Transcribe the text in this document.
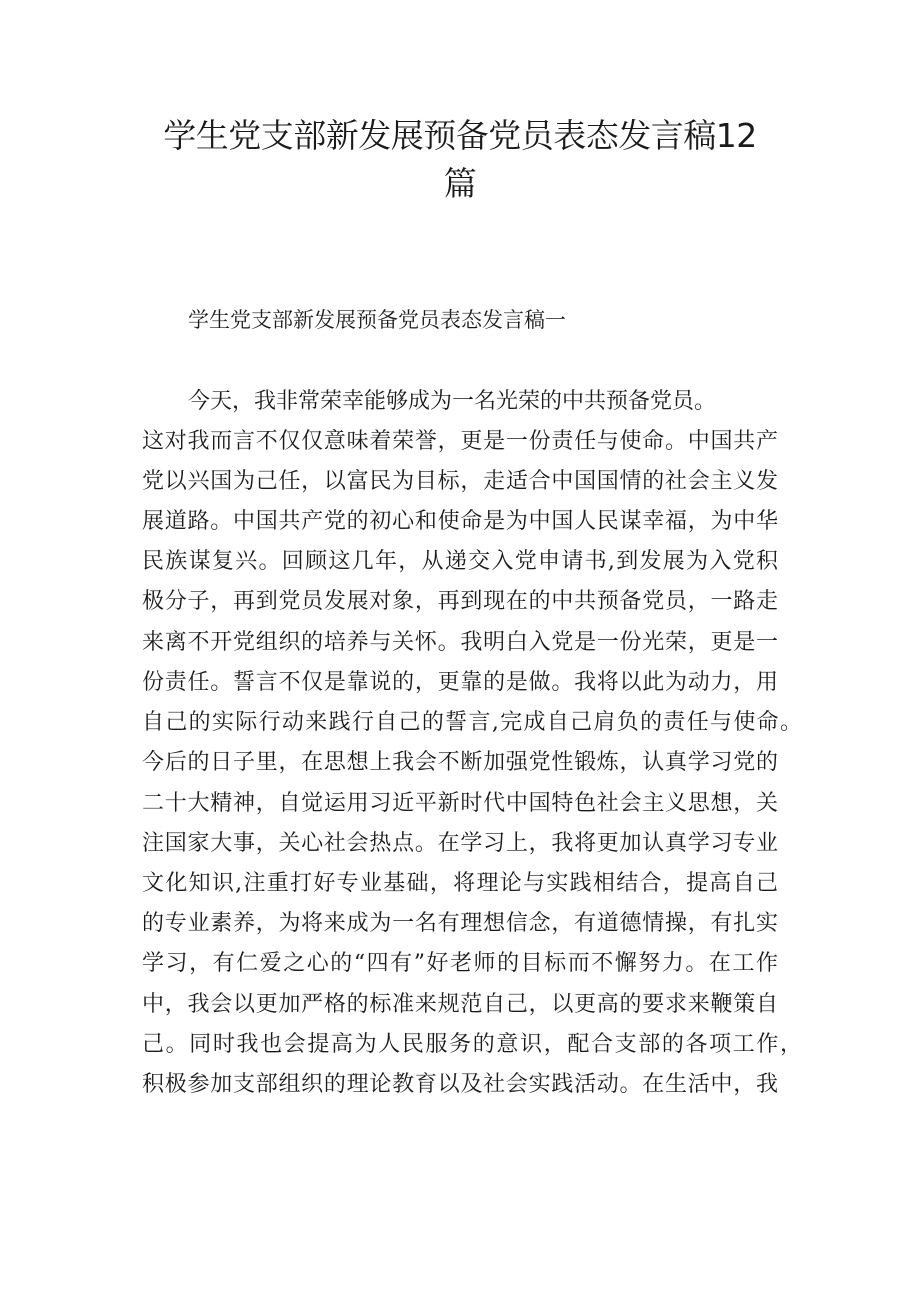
学生党支部新发展预备党员表态发言稿12篇

学生党支部新发展预备党员表态发言稿一

今天，我非常荣幸能够成为一名光荣的中共预备党员。

这对我而言不仅仅意味着荣誉，更是一份责任与使命。中国共产

党以兴国为己任，以富民为目标，走适合中国国情的社会主义发

展道路。中国共产党的初心和使命是为中国人民谋幸福，为中华

民族谋复兴。回顾这几年，从递交入党申请书,到发展为入党积

极分子，再到党员发展对象，再到现在的中共预备党员，一路走

来离不开党组织的培养与关怀。我明白入党是一份光荣，更是一

份责任。誓言不仅是靠说的，更靠的是做。我将以此为动力，用

自己的实际行动来践行自己的誓言,完成自己肩负的责任与使命。

今后的日子里，在思想上我会不断加强党性锻炼，认真学习党的

二十大精神，自觉运用习近平新时代中国特色社会主义思想，关

注国家大事，关心社会热点。在学习上，我将更加认真学习专业

文化知识,注重打好专业基础，将理论与实践相结合，提高自己

的专业素养，为将来成为一名有理想信念，有道德情操，有扎实

学习，有仁爱之心的“四有”好老师的目标而不懈努力。在工作

中，我会以更加严格的标准来规范自己，以更高的要求来鞭策自

己。同时我也会提高为人民服务的意识，配合支部的各项工作，

积极参加支部组织的理论教育以及社会实践活动。在生活中，我
